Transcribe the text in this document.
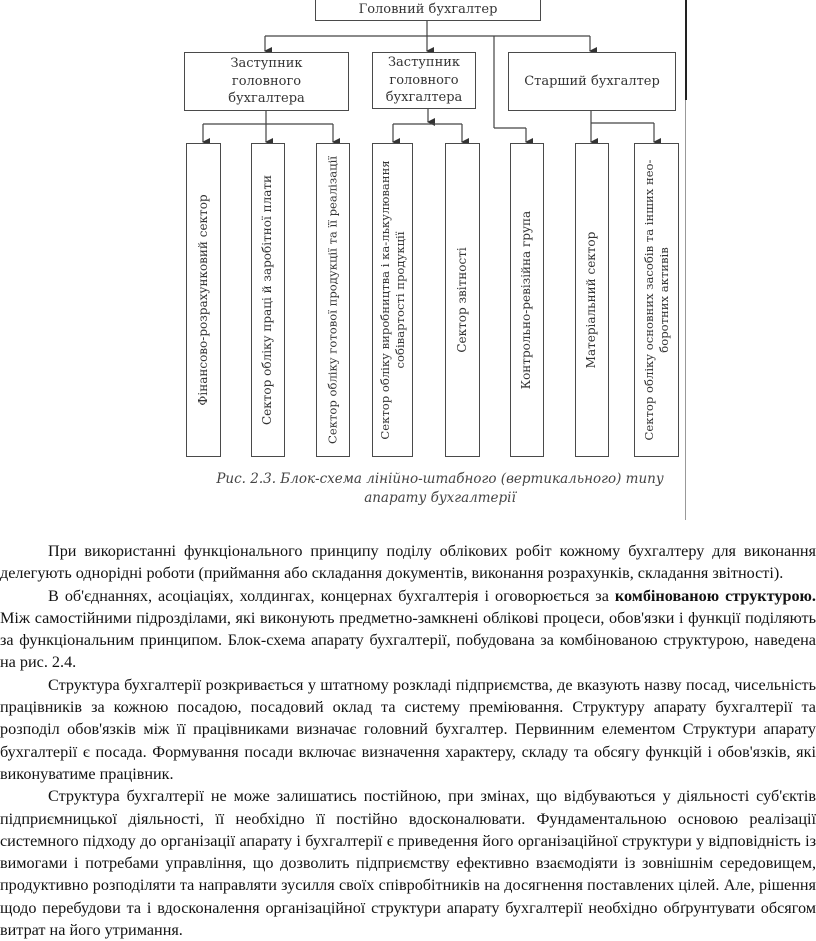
Головний бухгалтер
Заступник головного бухгалтера
Заступник головного бухгалтера
Старший бухгалтер
Фінансово-розрахунковий сектор	Сектор обліку праці й заробітної плати	Сектор обліку готової продукції та її реалізації	Сектор обліку виробництва і ка-лькулювання собівартості продукції	Сектор звітності	Контрольно-ревізійна група	Матеріальний сектор	Сектор обліку основних засобів та інших нео- боротних активів
Рис. 2.3. Блок-схема лінійно-штабного (вертикального) типу
апарату бухгалтерії

При використанні функціонального принципу поділу облікових робіт кожному бухгалтеру для виконання делегують однорідні роботи (приймання або складання документів, виконання розрахунків, складання звітності).

В об'єднаннях, асоціаціях, холдингах, концернах бухгалтерія і оговорюється за комбінованою структурою. Між самостійними підрозділами, які виконують предметно-замкнені облікові процеси, обов'язки і функції поділяють за функціональним принципом. Блок-схема апарату бухгалтерії, побудована за комбінованою структурою, наведена на рис. 2.4.

Структура бухгалтерії розкривається у штатному розкладі підприємства, де вказують назву посад, чисельність працівників за кожною посадою, посадовий оклад та систему преміювання. Структуру апарату бухгалтерії та розподіл обов'язків між її працівниками визначає головний бухгалтер. Первинним елементом Структури апарату бухгалтерії є посада. Формування посади включає визначення характеру, складу та обсягу функцій і обов'язків, які виконуватиме працівник.

Структура бухгалтерії не може залишатись постійною, при змінах, що відбуваються у діяльності суб'єктів підприємницької діяльності, її необхідно її постійно вдосконалювати. Фундаментальною основою реалізації системного підходу до організації апарату і бухгалтерії є приведення його організаційної структури у відповідність із вимогами і потребами управління, що дозволить підприємству ефективно взаємодіяти із зовнішнім середовищем, продуктивно розподіляти та направляти зусилля своїх співробітників на досягнення поставлених цілей. Але, рішення щодо перебудови та і вдосконалення організаційної структури апарату бухгалтерії необхідно обґрунтувати обсягом витрат на його утримання.
